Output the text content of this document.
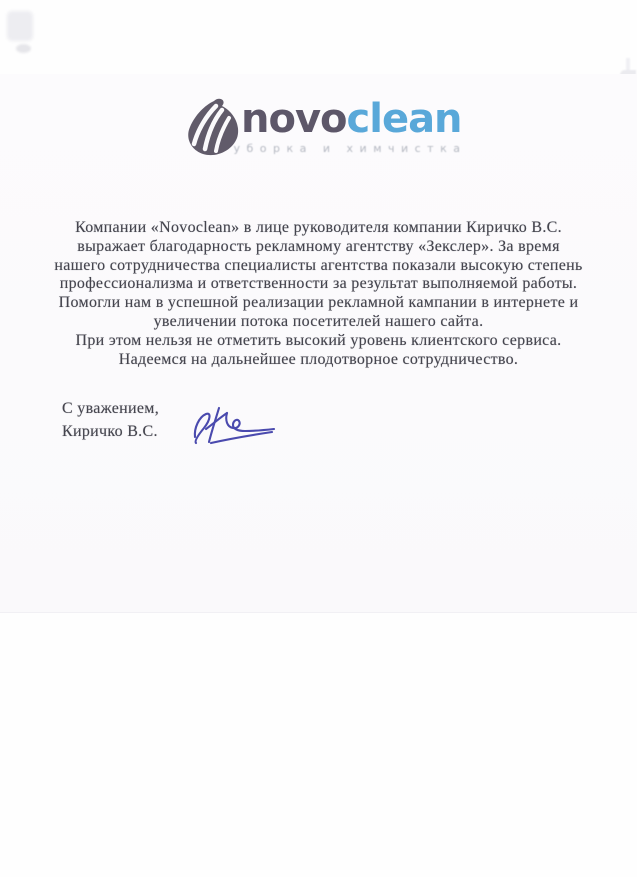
novoclean
уборка и химчистка
Компании «Novoclean» в лице руководителя компании Киричко В.С.
выражает благодарность рекламному агентству «Зекслер». За время
нашего сотрудничества специалисты агентства показали высокую степень
профессионализма и ответственности за результат выполняемой работы.
Помогли нам в успешной реализации рекламной кампании в интернете и
увеличении потока посетителей нашего сайта.
При этом нельзя не отметить высокий уровень клиентского сервиса.
Надеемся на дальнейшее плодотворное сотрудничество.
С уважением,
Киричко В.С.
